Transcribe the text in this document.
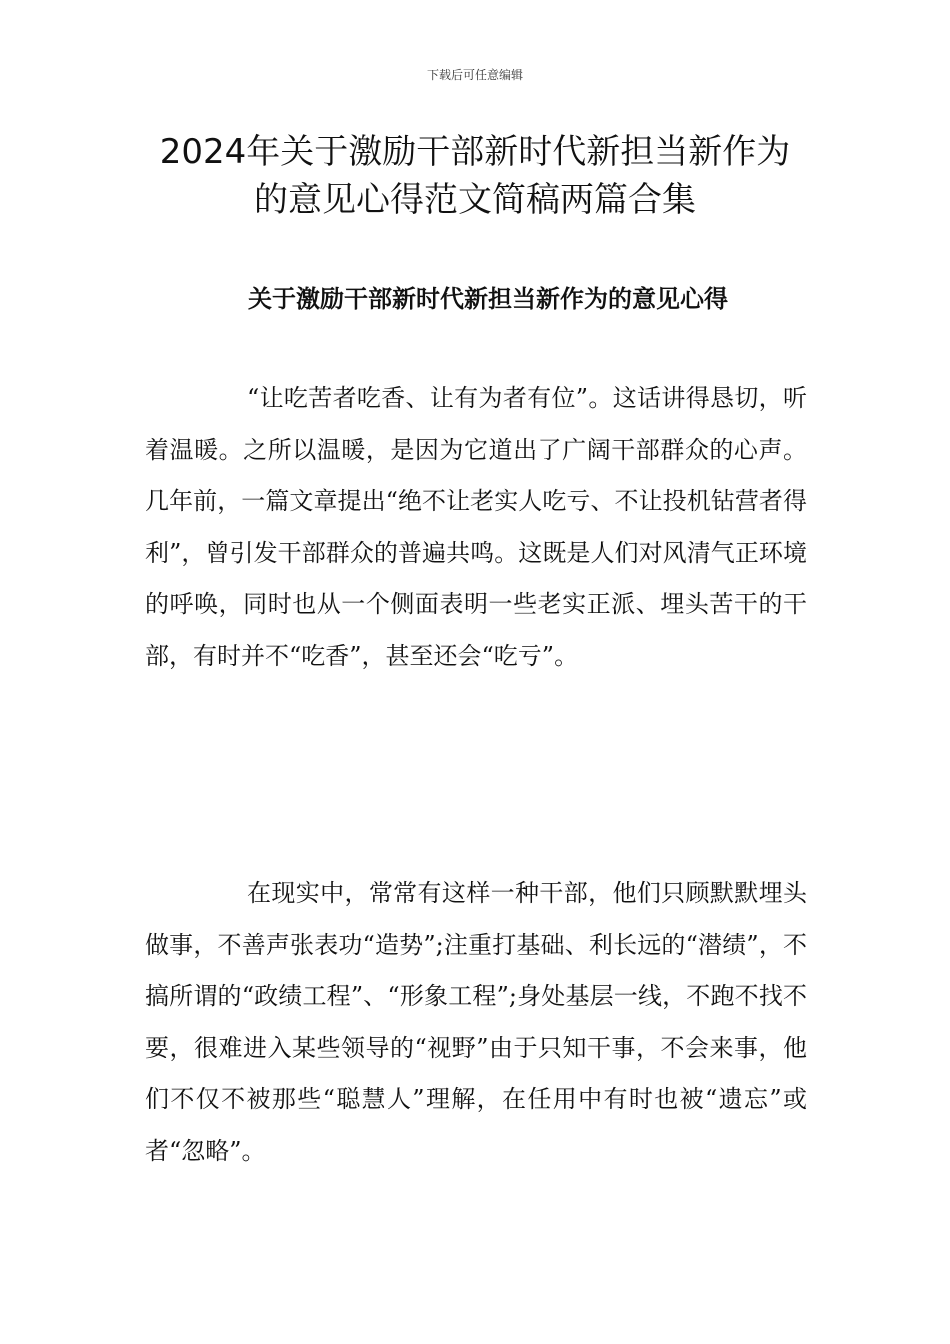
下载后可任意编辑
2024年关于激励干部新时代新担当新作为
的意见心得范文简稿两篇合集
关于激励干部新时代新担当新作为的意见心得

“让吃苦者吃香、让有为者有位”。这话讲得恳切，听着温暖。之所以温暖，是因为它道出了广阔干部群众的心声。几年前，一篇文章提出“绝不让老实人吃亏、不让投机钻营者得利”，曾引发干部群众的普遍共鸣。这既是人们对风清气正环境的呼唤，同时也从一个侧面表明一些老实正派、埋头苦干的干部，有时并不“吃香”，甚至还会“吃亏”。

在现实中，常常有这样一种干部，他们只顾默默埋头做事，不善声张表功“造势”;注重打基础、利长远的“潜绩”，不搞所谓的“政绩工程”、“形象工程”;身处基层一线，不跑不找不要，很难进入某些领导的“视野”由于只知干事，不会来事，他们不仅不被那些“聪慧人”理解，在任用中有时也被“遗忘”或者“忽略”。
